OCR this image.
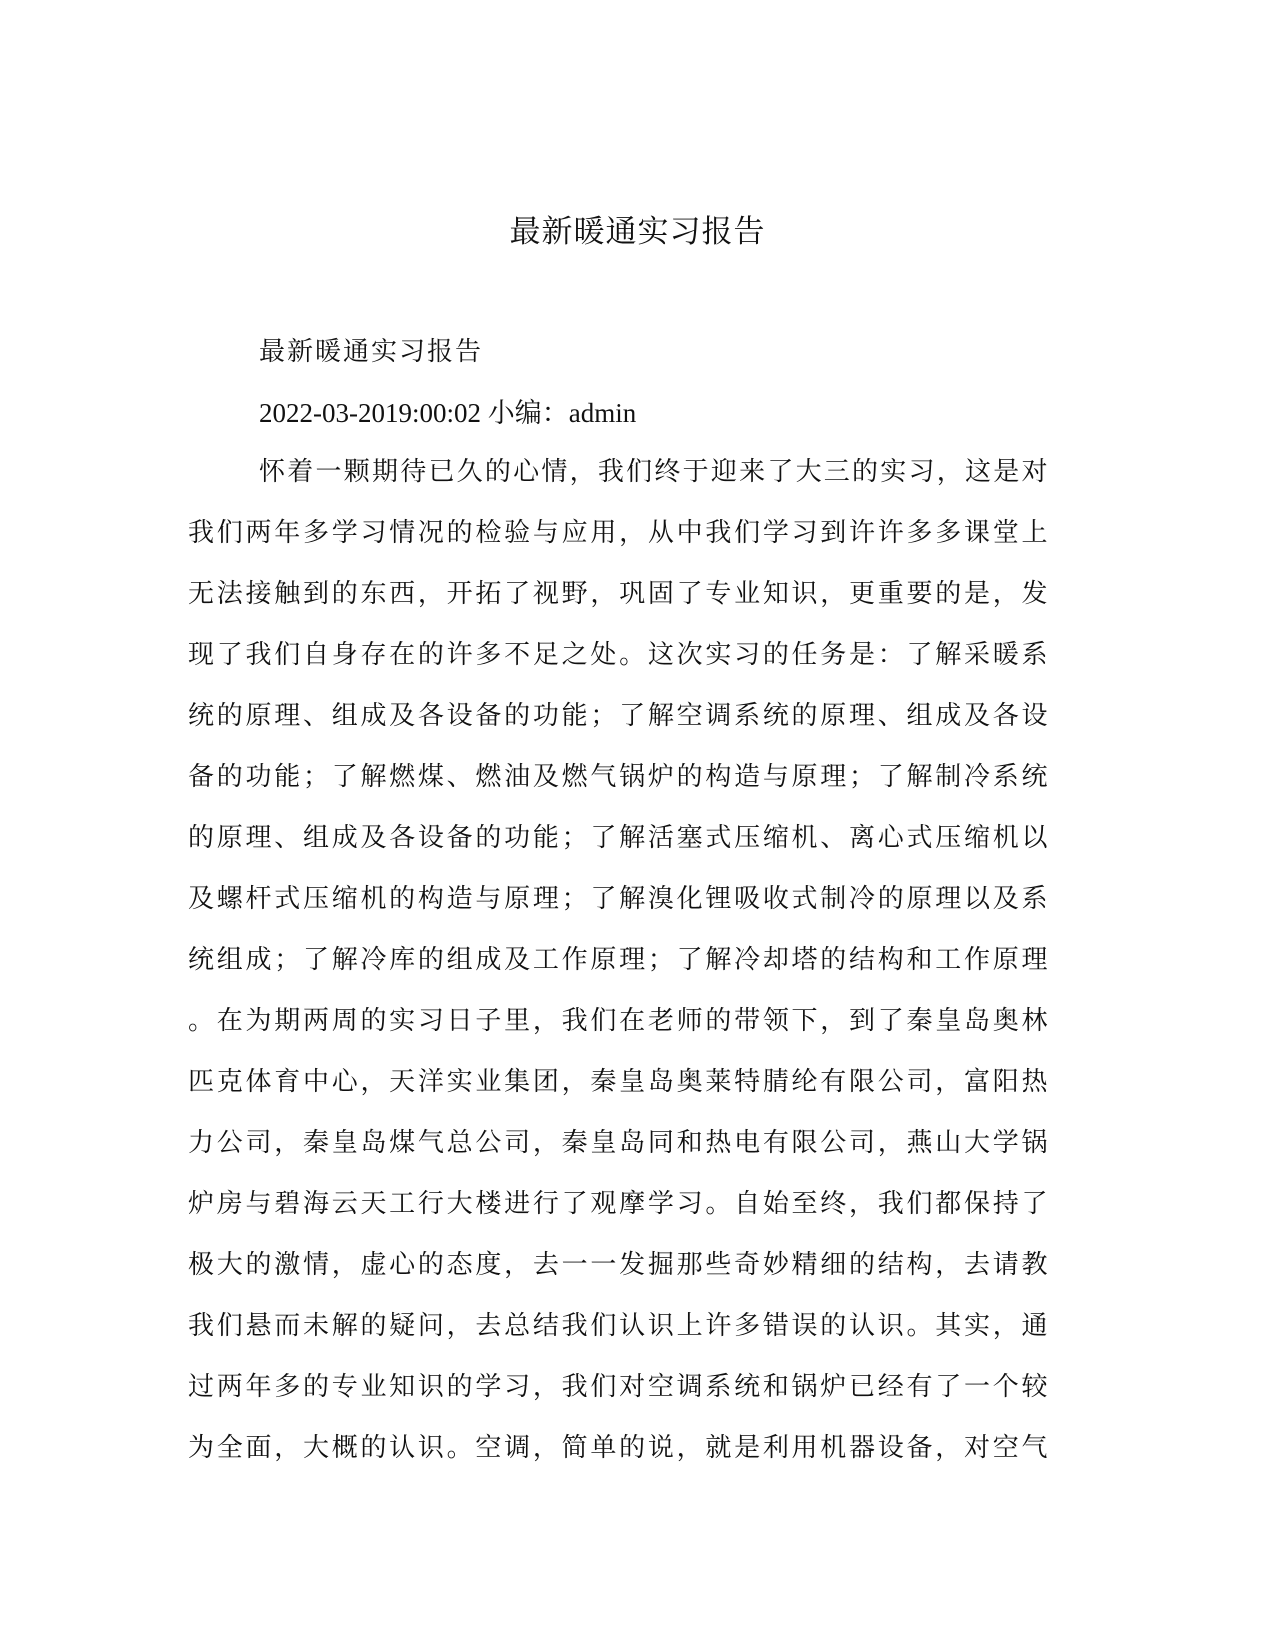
最新暖通实习报告

最新暖通实习报告

2022-03-2019:00:02 小编：admin

怀着一颗期待已久的心情，我们终于迎来了大三的实习，这是对
我们两年多学习情况的检验与应用，从中我们学习到许许多多课堂上
无法接触到的东西，开拓了视野，巩固了专业知识，更重要的是，发
现了我们自身存在的许多不足之处。这次实习的任务是：了解采暖系
统的原理、组成及各设备的功能；了解空调系统的原理、组成及各设
备的功能；了解燃煤、燃油及燃气锅炉的构造与原理；了解制冷系统
的原理、组成及各设备的功能；了解活塞式压缩机、离心式压缩机以
及螺杆式压缩机的构造与原理；了解溴化锂吸收式制冷的原理以及系
统组成；了解冷库的组成及工作原理；了解冷却塔的结构和工作原理
。在为期两周的实习日子里，我们在老师的带领下，到了秦皇岛奥林
匹克体育中心，天洋实业集团，秦皇岛奥莱特腈纶有限公司，富阳热
力公司，秦皇岛煤气总公司，秦皇岛同和热电有限公司，燕山大学锅
炉房与碧海云天工行大楼进行了观摩学习。自始至终，我们都保持了
极大的激情，虚心的态度，去一一发掘那些奇妙精细的结构，去请教
我们悬而未解的疑问，去总结我们认识上许多错误的认识。其实，通
过两年多的专业知识的学习，我们对空调系统和锅炉已经有了一个较
为全面，大概的认识。空调，简单的说，就是利用机器设备，对空气
